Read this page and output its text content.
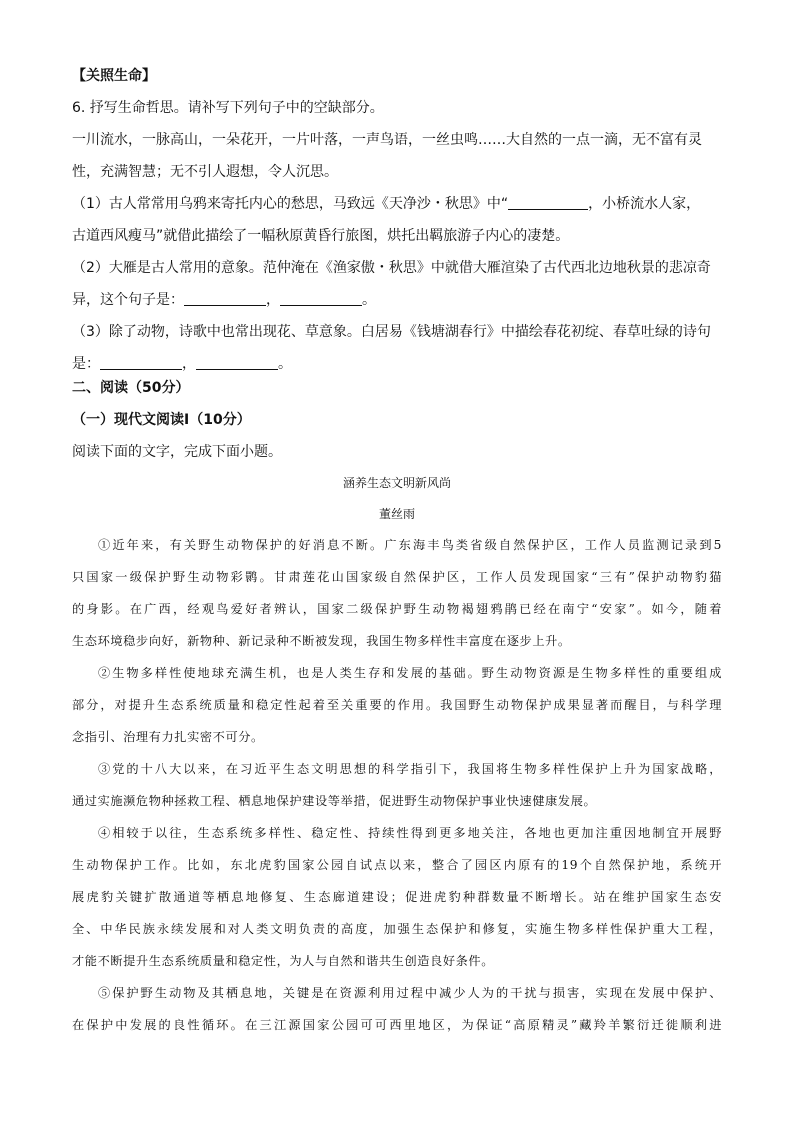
【关照生命】
6. 抒写生命哲思。请补写下列句子中的空缺部分。
一川流水，一脉高山，一朵花开，一片叶落，一声鸟语，一丝虫鸣……大自然的一点一滴，无不富有灵
性，充满智慧；无不引人遐想，令人沉思。
（1）古人常常用乌鸦来寄托内心的愁思，马致远《天净沙・秋思》中“	，小桥流水人家，
古道西风瘦马”就借此描绘了一幅秋原黄昏行旅图，烘托出羁旅游子内心的凄楚。
（2）大雁是古人常用的意象。范仲淹在《渔家傲・秋思》中就借大雁渲染了古代西北边地秋景的悲凉奇
异，这个句子是：	，	。
（3）除了动物，诗歌中也常出现花、草意象。白居易《钱塘湖春行》中描绘春花初绽、春草吐绿的诗句
是：	，	。
二、阅读（50分）
（一）现代文阅读Ⅰ（10分）
阅读下面的文字，完成下面小题。
涵养生态文明新风尚
董丝雨
①近年来，有关野生动物保护的好消息不断。广东海丰鸟类省级自然保护区，工作人员监测记录到5
只国家一级保护野生动物彩鹮。甘肃莲花山国家级自然保护区，工作人员发现国家“三有”保护动物豹猫
的身影。在广西，经观鸟爱好者辨认，国家二级保护野生动物褐翅鸦鹃已经在南宁“安家”。如今，随着
生态环境稳步向好，新物种、新记录种不断被发现，我国生物多样性丰富度在逐步上升。
②生物多样性使地球充满生机，也是人类生存和发展的基础。野生动物资源是生物多样性的重要组成
部分，对提升生态系统质量和稳定性起着至关重要的作用。我国野生动物保护成果显著而醒目，与科学理
念指引、治理有力扎实密不可分。
③党的十八大以来，在习近平生态文明思想的科学指引下，我国将生物多样性保护上升为国家战略，
通过实施濒危物种拯救工程、栖息地保护建设等举措，促进野生动物保护事业快速健康发展。
④相较于以往，生态系统多样性、稳定性、持续性得到更多地关注，各地也更加注重因地制宜开展野
生动物保护工作。比如，东北虎豹国家公园自试点以来，整合了园区内原有的19个自然保护地，系统开
展虎豹关键扩散通道等栖息地修复、生态廊道建设；促进虎豹种群数量不断增长。站在维护国家生态安
全、中华民族永续发展和对人类文明负责的高度，加强生态保护和修复，实施生物多样性保护重大工程，
才能不断提升生态系统质量和稳定性，为人与自然和谐共生创造良好条件。
⑤保护野生动物及其栖息地，关键是在资源利用过程中减少人为的干扰与损害，实现在发展中保护、
在保护中发展的良性循环。在三江源国家公园可可西里地区，为保证“高原精灵”藏羚羊繁衍迁徙顺利进
